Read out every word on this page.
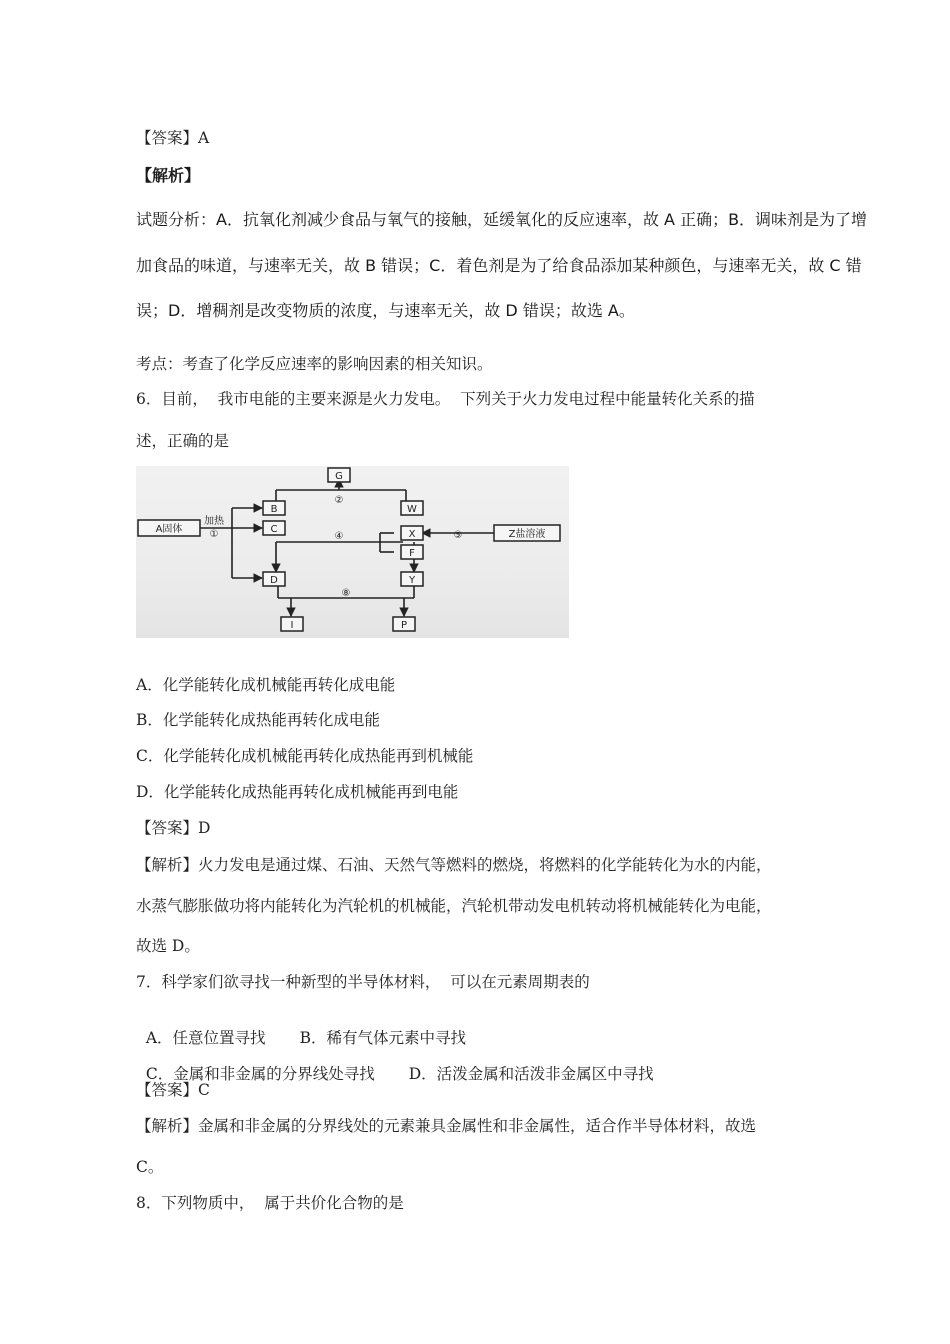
【答案】A
【解析】
试题分析：A．抗氧化剂减少食品与氧气的接触，延缓氧化的反应速率，故 A 正确；B．调味剂是为了增
加食品的味道，与速率无关，故 B 错误；C．着色剂是为了给食品添加某种颜色，与速率无关，故 C 错
误；D．增稠剂是改变物质的浓度，与速率无关，故 D 错误；故选 A。
考点：考查了化学反应速率的影响因素的相关知识。
6．目前，  我市电能的主要来源是火力发电。  下列关于火力发电过程中能量转化关系的描
述，正确的是
A固体
B
C
D
G
W
X
F
Y
Z盐溶液
I	P
加热
①
②
④	⑤
⑧
A．化学能转化成机械能再转化成电能
B．化学能转化成热能再转化成电能
C．化学能转化成机械能再转化成热能再到机械能
D．化学能转化成热能再转化成机械能再到电能
【答案】D
【解析】火力发电是通过煤、石油、天然气等燃料的燃烧，将燃料的化学能转化为水的内能，
水蒸气膨胀做功将内能转化为汽轮机的机械能，汽轮机带动发电机转动将机械能转化为电能，
故选 D。
7．科学家们欲寻找一种新型的半导体材料，  可以在元素周期表的

A．任意位置寻找 B．稀有气体元素中寻找

C．金属和非金属的分界线处寻找 D．活泼金属和活泼非金属区中寻找

【答案】C
【解析】金属和非金属的分界线处的元素兼具金属性和非金属性，适合作半导体材料，故选
C。
8．下列物质中，  属于共价化合物的是
